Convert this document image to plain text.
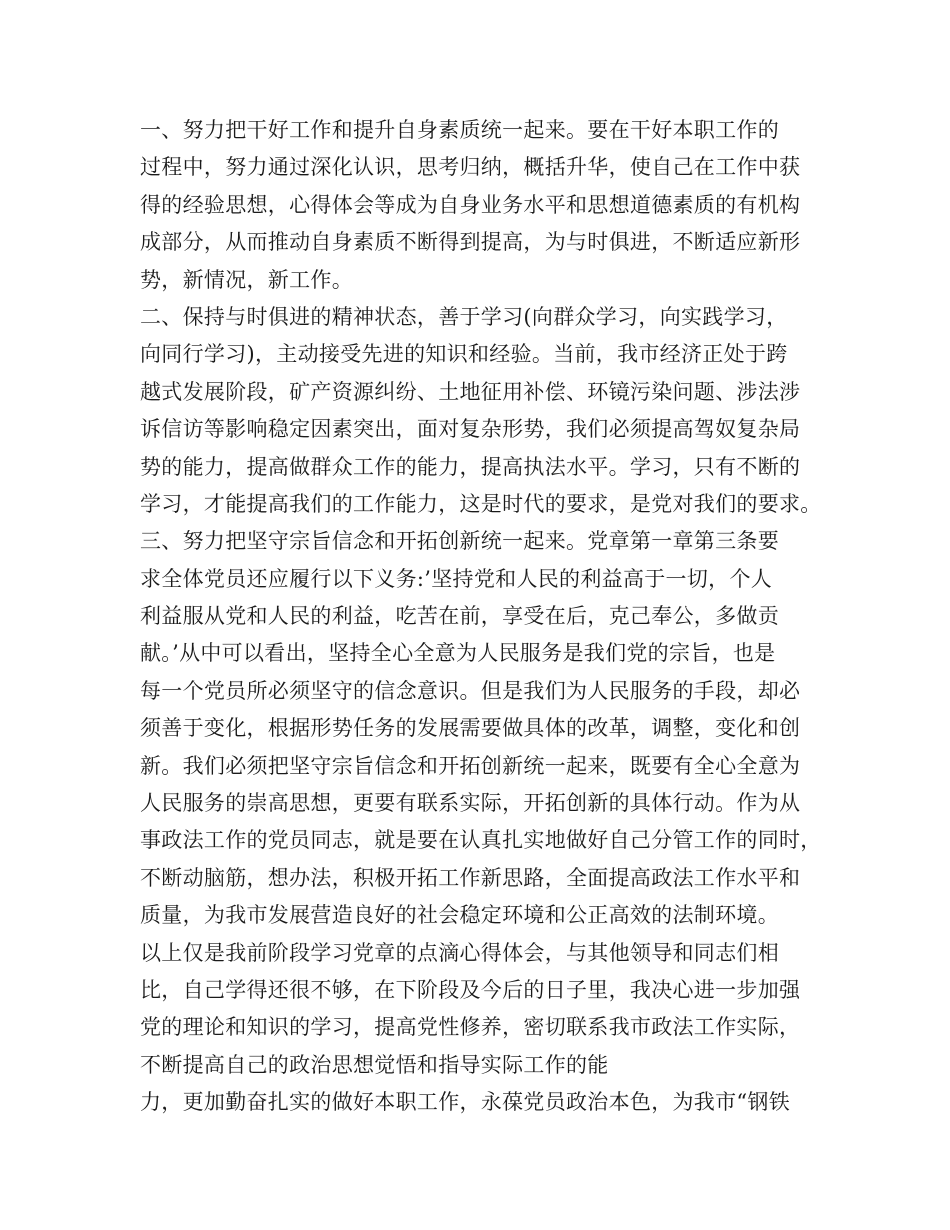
一、努力把干好工作和提升自身素质统一起来。要在干好本职工作的
过程中，努力通过深化认识，思考归纳，概括升华，使自己在工作中获
得的经验思想，心得体会等成为自身业务水平和思想道德素质的有机构
成部分，从而推动自身素质不断得到提高，为与时俱进，不断适应新形
势，新情况，新工作。
二、保持与时俱进的精神状态，善于学习(向群众学习，向实践学习，
向同行学习)，主动接受先进的知识和经验。当前，我市经济正处于跨
越式发展阶段，矿产资源纠纷、土地征用补偿、环镜污染问题、涉法涉
诉信访等影响稳定因素突出，面对复杂形势，我们必须提高驾奴复杂局
势的能力，提高做群众工作的能力，提高执法水平。学习，只有不断的
学习，才能提高我们的工作能力，这是时代的要求，是党对我们的要求。
三、努力把坚守宗旨信念和开拓创新统一起来。党章第一章第三条要
求全体党员还应履行以下义务:’坚持党和人民的利益高于一切，个人
利益服从党和人民的利益，吃苦在前，享受在后，克己奉公，多做贡
献。’从中可以看出，坚持全心全意为人民服务是我们党的宗旨，也是
每一个党员所必须坚守的信念意识。但是我们为人民服务的手段，却必
须善于变化，根据形势任务的发展需要做具体的改革，调整，变化和创
新。我们必须把坚守宗旨信念和开拓创新统一起来，既要有全心全意为
人民服务的崇高思想，更要有联系实际，开拓创新的具体行动。作为从
事政法工作的党员同志，就是要在认真扎实地做好自己分管工作的同时，
不断动脑筋，想办法，积极开拓工作新思路，全面提高政法工作水平和
质量，为我市发展营造良好的社会稳定环境和公正高效的法制环境。
以上仅是我前阶段学习党章的点滴心得体会，与其他领导和同志们相
比，自己学得还很不够，在下阶段及今后的日子里，我决心进一步加强
党的理论和知识的学习，提高党性修养，密切联系我市政法工作实际，
不断提高自己的政治思想觉悟和指导实际工作的能
力，更加勤奋扎实的做好本职工作，永葆党员政治本色，为我市“钢铁
